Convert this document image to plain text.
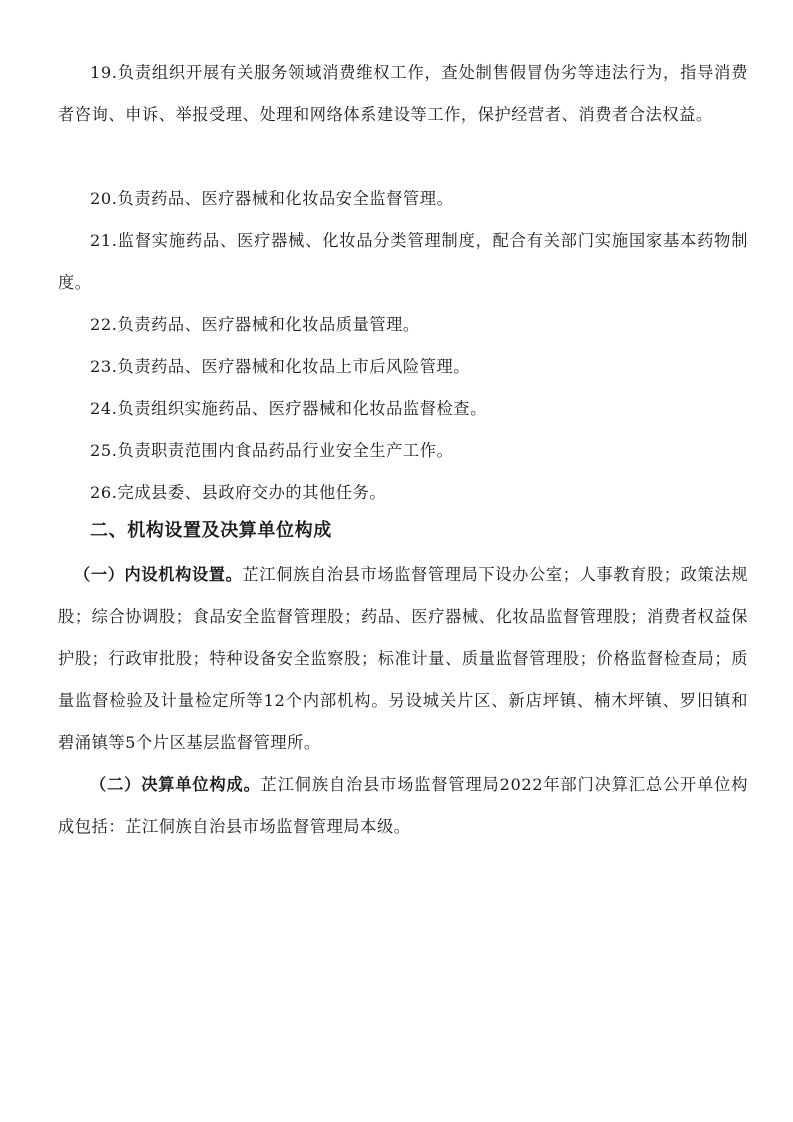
19.负责组织开展有关服务领域消费维权工作，查处制售假冒伪劣等违法行为，指导消费者咨询、申诉、举报受理、处理和网络体系建设等工作，保护经营者、消费者合法权益。

20.负责药品、医疗器械和化妆品安全监督管理。

21.监督实施药品、医疗器械、化妆品分类管理制度，配合有关部门实施国家基本药物制度。

22.负责药品、医疗器械和化妆品质量管理。

23.负责药品、医疗器械和化妆品上市后风险管理。

24.负责组织实施药品、医疗器械和化妆品监督检查。

25.负责职责范围内食品药品行业安全生产工作。

26.完成县委、县政府交办的其他任务。

二、机构设置及决算单位构成

（一）内设机构设置。芷江侗族自治县市场监督管理局下设办公室；人事教育股；政策法规股；综合协调股；食品安全监督管理股；药品、医疗器械、化妆品监督管理股；消费者权益保护股；行政审批股；特种设备安全监察股；标准计量、质量监督管理股；价格监督检查局；质量监督检验及计量检定所等12个内部机构。另设城关片区、新店坪镇、楠木坪镇、罗旧镇和碧涌镇等5个片区基层监督管理所。

（二）决算单位构成。芷江侗族自治县市场监督管理局2022年部门决算汇总公开单位构成包括：芷江侗族自治县市场监督管理局本级。
